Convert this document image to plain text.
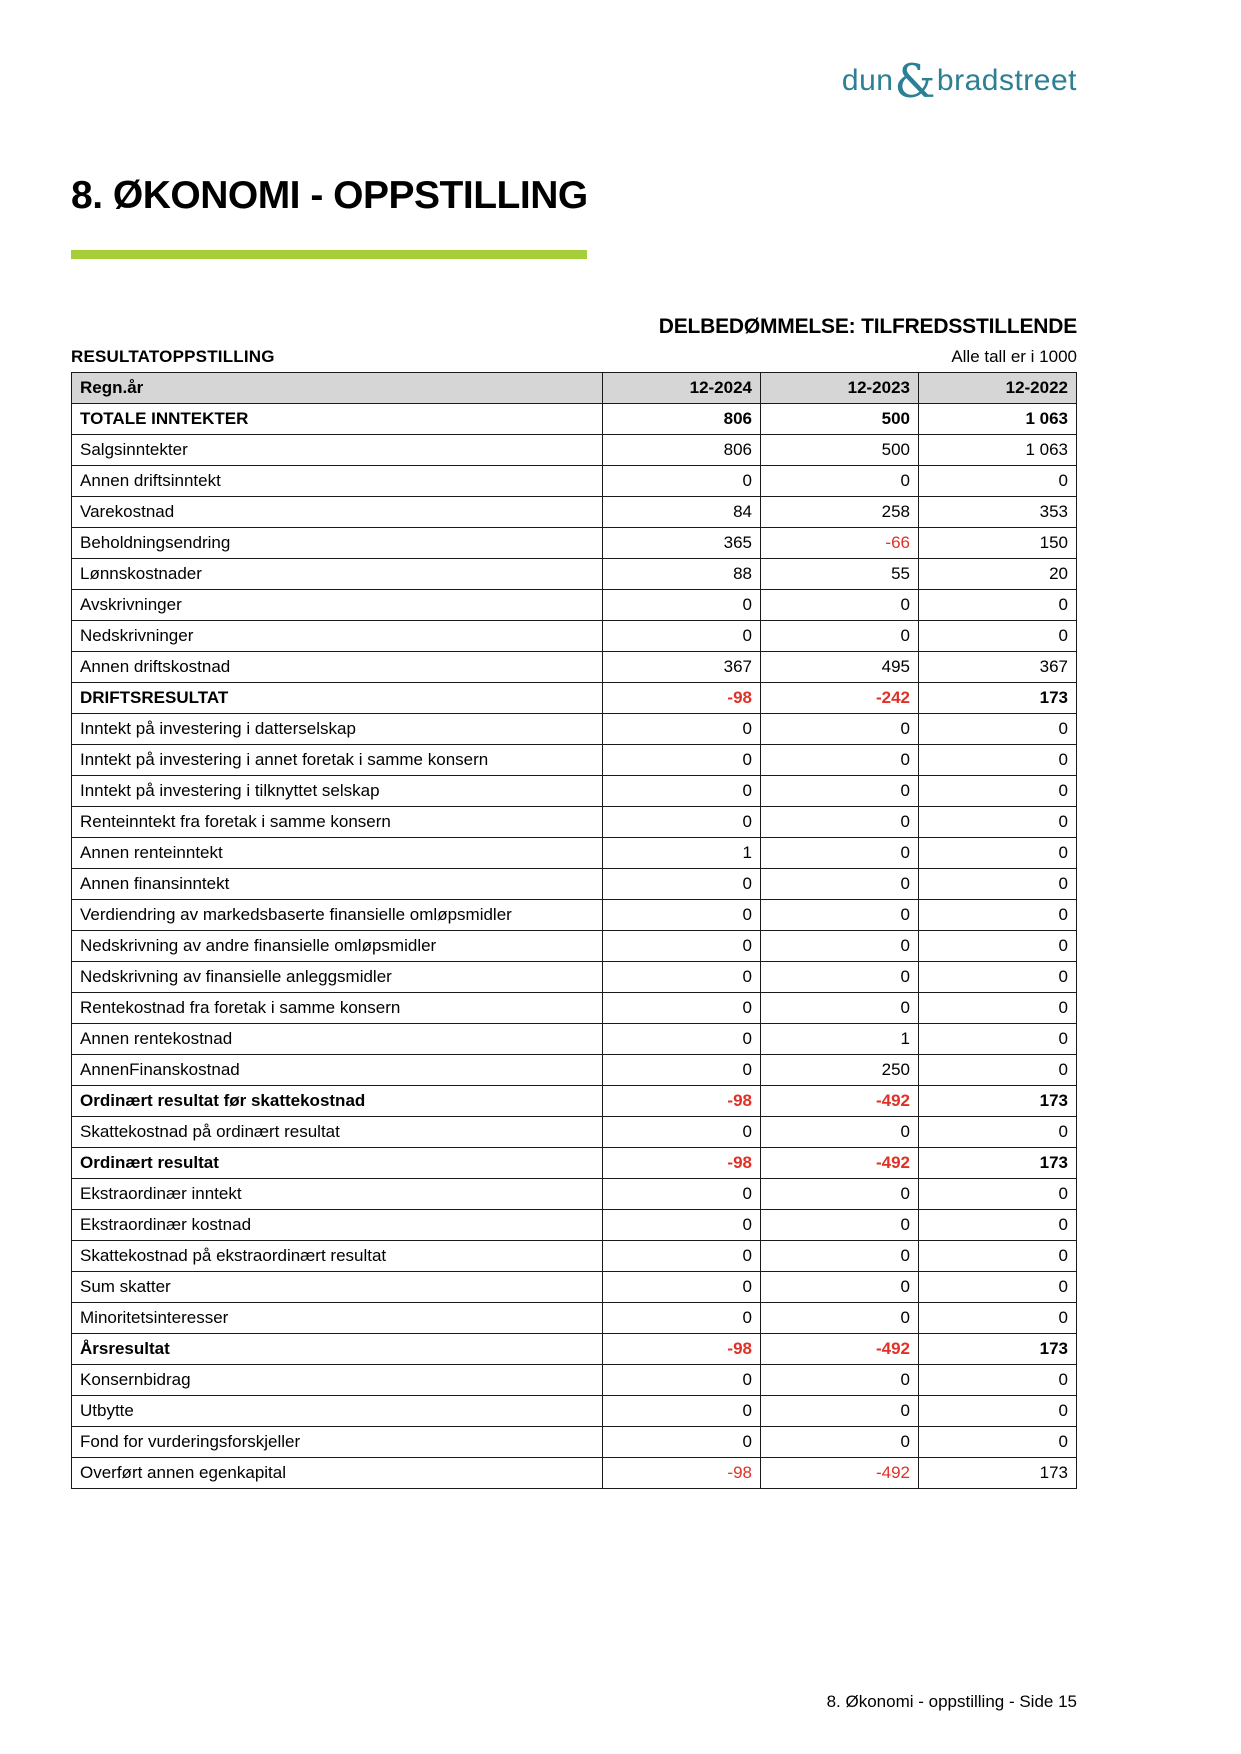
dun&bradstreet
8. ØKONOMI - OPPSTILLING
DELBEDØMMELSE: TILFREDSSTILLENDE
RESULTATOPPSTILLING	Alle tall er i 1000
Regn.år	12-2024	12-2023	12-2022
TOTALE INNTEKTER	806	500	1 063
Salgsinntekter	806	500	1 063
Annen driftsinntekt	0	0	0
Varekostnad	84	258	353
Beholdningsendring	365	-66	150
Lønnskostnader	88	55	20
Avskrivninger	0	0	0
Nedskrivninger	0	0	0
Annen driftskostnad	367	495	367
DRIFTSRESULTAT	-98	-242	173
Inntekt på investering i datterselskap	0	0	0
Inntekt på investering i annet foretak i samme konsern	0	0	0
Inntekt på investering i tilknyttet selskap	0	0	0
Renteinntekt fra foretak i samme konsern	0	0	0
Annen renteinntekt	1	0	0
Annen finansinntekt	0	0	0
Verdiendring av markedsbaserte finansielle omløpsmidler	0	0	0
Nedskrivning av andre finansielle omløpsmidler	0	0	0
Nedskrivning av finansielle anleggsmidler	0	0	0
Rentekostnad fra foretak i samme konsern	0	0	0
Annen rentekostnad	0	1	0
AnnenFinanskostnad	0	250	0
Ordinært resultat før skattekostnad	-98	-492	173
Skattekostnad på ordinært resultat	0	0	0
Ordinært resultat	-98	-492	173
Ekstraordinær inntekt	0	0	0
Ekstraordinær kostnad	0	0	0
Skattekostnad på ekstraordinært resultat	0	0	0
Sum skatter	0	0	0
Minoritetsinteresser	0	0	0
Årsresultat	-98	-492	173
Konsernbidrag	0	0	0
Utbytte	0	0	0
Fond for vurderingsforskjeller	0	0	0
Overført annen egenkapital	-98	-492	173
8. Økonomi - oppstilling - Side 15
